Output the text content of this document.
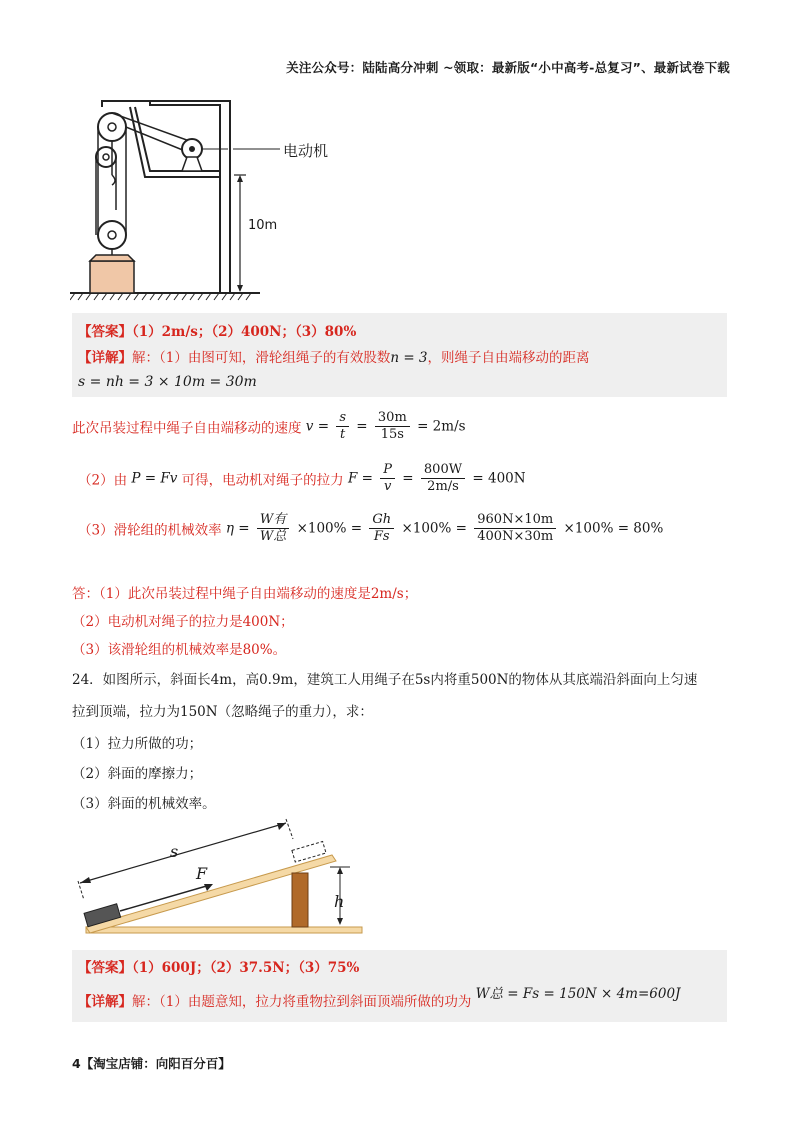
关注公众号：陆陆高分冲刺 ~领取：最新版“小中高考-总复习”、最新试卷下载
电动机
10m
【答案】（1）2m/s；（2）400N；（3）80%
【详解】解：（1）由图可知，滑轮组绳子的有效股数n = 3，则绳子自由端移动的距离
s = nh = 3 × 10m = 30m
此次吊装过程中绳子自由端移动的速度 $v = \frac{s}{t} = \frac{30m}{15s} = 2m/s$
（2）由 P = Fv 可得，电动机对绳子的拉力 $F = \frac{P}{v} = \frac{800W}{2m/s} = 400N$
（3）滑轮组的机械效率 $\eta = \frac{\text{W有}}{\text{W总}} \times 100\% = \frac{Gh}{Fs} \times 100\% = \frac{960N\times 10m}{400N\times 30m} \times 100\% = 80\%$
答：（1）此次吊装过程中绳子自由端移动的速度是2m/s；
（2）电动机对绳子的拉力是400N；
（3）该滑轮组的机械效率是80%。
24．如图所示，斜面长4m，高0.9m，建筑工人用绳子在5s内将重500N的物体从其底端沿斜面向上匀速
拉到顶端，拉力为150N（忽略绳子的重力），求：
（1）拉力所做的功；
（2）斜面的摩擦力；
（3）斜面的机械效率。
s
F
h
【答案】（1）600J；（2）37.5N；（3）75%
【详解】解：（1）由题意知，拉力将重物拉到斜面顶端所做的功为 W总 = Fs = 150N × 4m=600J
4【淘宝店铺：向阳百分百】
